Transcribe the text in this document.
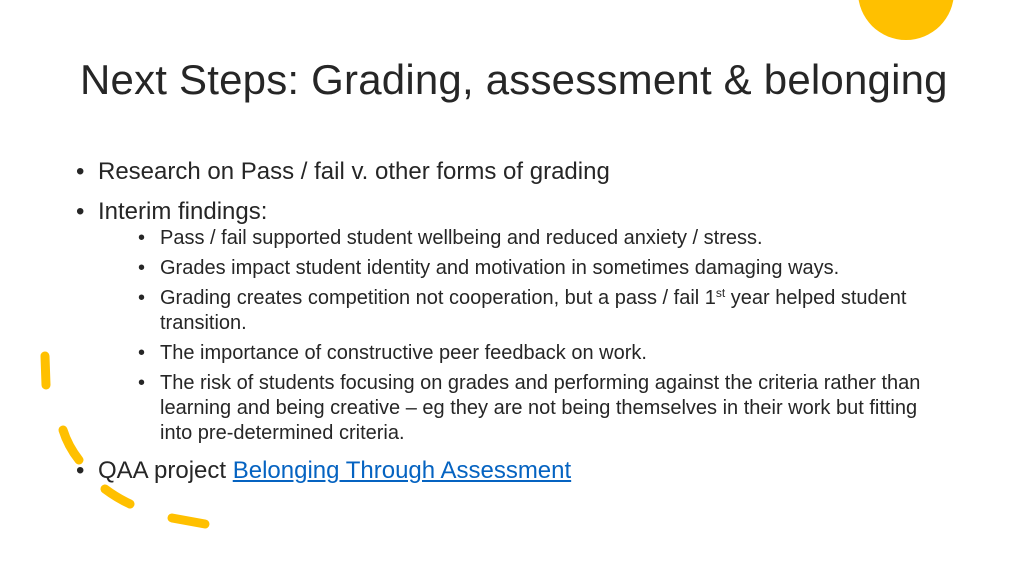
Next Steps: Grading, assessment & belonging
• Research on Pass / fail v. other forms of grading
• Interim findings:
• Pass / fail supported student wellbeing and reduced anxiety / stress.
• Grades impact student identity and motivation in sometimes damaging ways.
• Grading creates competition not cooperation, but a pass / fail 1st year helped student transition.
• The importance of constructive peer feedback on work.
• The risk of students focusing on grades and performing against the criteria rather than learning and being creative – eg they are not being themselves in their work but fitting into pre-determined criteria.
• QAA project Belonging Through Assessment
